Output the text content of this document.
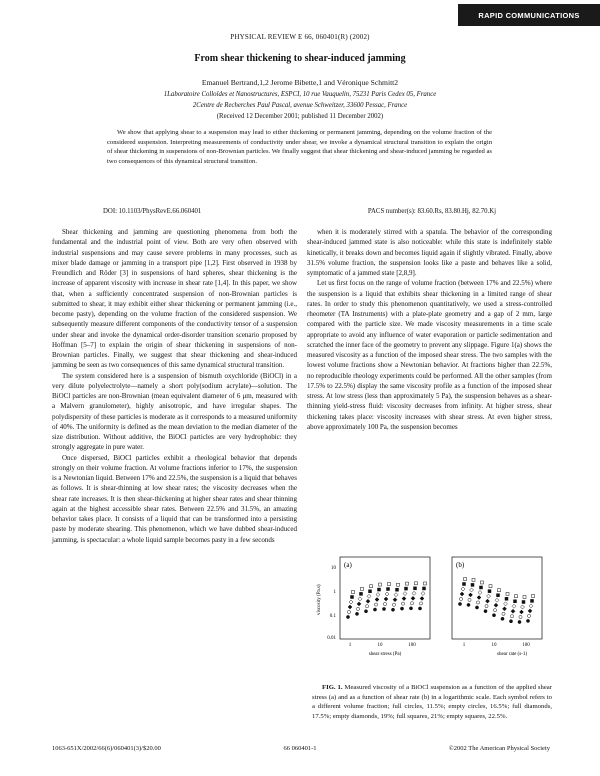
RAPID COMMUNICATIONS
PHYSICAL REVIEW E 66, 060401(R) (2002)
From shear thickening to shear-induced jamming
Emanuel Bertrand,1,2 Jerome Bibette,1 and Véronique Schmitt2
1Laboratoire Colloïdes et Nanostructures, ESPCI, 10 rue Vauquelin, 75231 Paris Cedex 05, France
2Centre de Recherches Paul Pascal, avenue Schweitzer, 33600 Pessac, France
(Received 12 December 2001; published 11 December 2002)
We show that applying shear to a suspension may lead to either thickening or permanent jamming, depending on the volume fraction of the considered suspension. Interpreting measurements of conductivity under shear, we invoke a dynamical structural transition to explain the origin of shear thickening in suspensions of non-Brownian particles. We finally suggest that shear thickening and shear-induced jamming be regarded as two consequences of this dynamical structural transition.
DOI: 10.1103/PhysRevE.66.060401	PACS number(s): 83.60.Rs, 83.80.Hj, 82.70.Kj

Shear thickening and jamming are questioning phenomena from both the fundamental and the industrial point of view. Both are very often observed with industrial suspensions and may cause severe problems in many processes, such as mixer blade damage or jamming in a transport pipe [1,2]. First observed in 1938 by Freundlich and Röder [3] in suspensions of hard spheres, shear thickening is the increase of apparent viscosity with increase in shear rate [1,4]. In this paper, we show that, when a sufficiently concentrated suspension of non-Brownian particles is submitted to shear, it may exhibit either shear thickening or permanent jamming (i.e., become pasty), depending on the volume fraction of the considered suspension. We subsequently measure different components of the conductivity tensor of a suspension under shear and invoke the dynamical order-disorder transition scenario proposed by Hoffman [5–7] to explain the origin of shear thickening in suspensions of non-Brownian particles. Finally, we suggest that shear thickening and shear-induced jamming be seen as two consequences of this same dynamical structural transition.

The system considered here is a suspension of bismuth oxychloride (BiOCl) in a very dilute polyelectrolyte—namely a short poly(sodium acrylate)—solution. The BiOCl particles are non-Brownian (mean equivalent diameter of 6 μm, measured with a Malvern granulometer), highly anisotropic, and have irregular shapes. The polydispersity of these particles is moderate as it corresponds to a measured uniformity of 40%. The uniformity is defined as the mean deviation to the median diameter of the size distribution. Without additive, the BiOCl particles are very hydrophobic: they strongly aggregate in pure water.

Once dispersed, BiOCl particles exhibit a rheological behavior that depends strongly on their volume fraction. At volume fractions inferior to 17%, the suspension is a Newtonian liquid. Between 17% and 22.5%, the suspension is a liquid that behaves as follows. It is shear-thinning at low shear rates; the viscosity decreases when the shear rate increases. It is then shear-thickening at higher shear rates and shear thinning again at the highest accessible shear rates. Between 22.5% and 31.5%, an amazing behavior takes place. It consists of a liquid that can be transformed into a persisting paste by moderate shearing. This phenomenon, which we have dubbed shear-induced jamming, is spectacular: a whole liquid sample becomes pasty in a few seconds

when it is moderately stirred with a spatula. The behavior of the corresponding shear-induced jammed state is also noticeable: while this state is indefinitely stable kinetically, it breaks down and becomes liquid again if slightly vibrated. Finally, above 31.5% volume fraction, the suspension looks like a paste and behaves like a solid, symptomatic of a jammed state [2,8,9].

Let us first focus on the range of volume fraction (between 17% and 22.5%) where the suspension is a liquid that exhibits shear thickening in a limited range of shear rates. In order to study this phenomenon quantitatively, we used a stress-controlled rheometer (TA Instruments) with a plate-plate geometry and a gap of 2 mm, large compared with the particle size. We made viscosity measurements in a time scale appropriate to avoid any influence of water evaporation or particle sedimentation and scratched the inner face of the geometry to prevent any slippage. Figure 1(a) shows the measured viscosity as a function of the imposed shear stress. The two samples with the lowest volume fractions show a Newtonian behavior. At fractions higher than 22.5%, no reproducible rheology experiments could be performed. All the other samples (from 17.5% to 22.5%) display the same viscosity profile as a function of the imposed shear stress. At low stress (less than approximately 5 Pa), the suspension behaves as a shear-thinning yield-stress fluid: viscosity decreases from infinity. At higher stress, shear thickening takes place: viscosity increases with shear stress. At even higher stress, above approximately 100 Pa, the suspension becomes

(a)	(b)
10
1
0.1
0.01
viscosity (Pa.s)
1	10	100
shear stress (Pa)
1	10	100
shear rate (s-1)
FIG. 1. Measured viscosity of a BiOCl suspension as a function of the applied shear stress (a) and as a function of shear rate (b) in a logarithmic scale. Each symbol refers to a different volume fraction; full circles, 11.5%; empty circles, 16.5%; full diamonds, 17.5%; empty diamonds, 19%; full squares, 21%; empty squares, 22.5%.
1063-651X/2002/66(6)/060401(3)/$20.00	66 060401-1	©2002 The American Physical Society
